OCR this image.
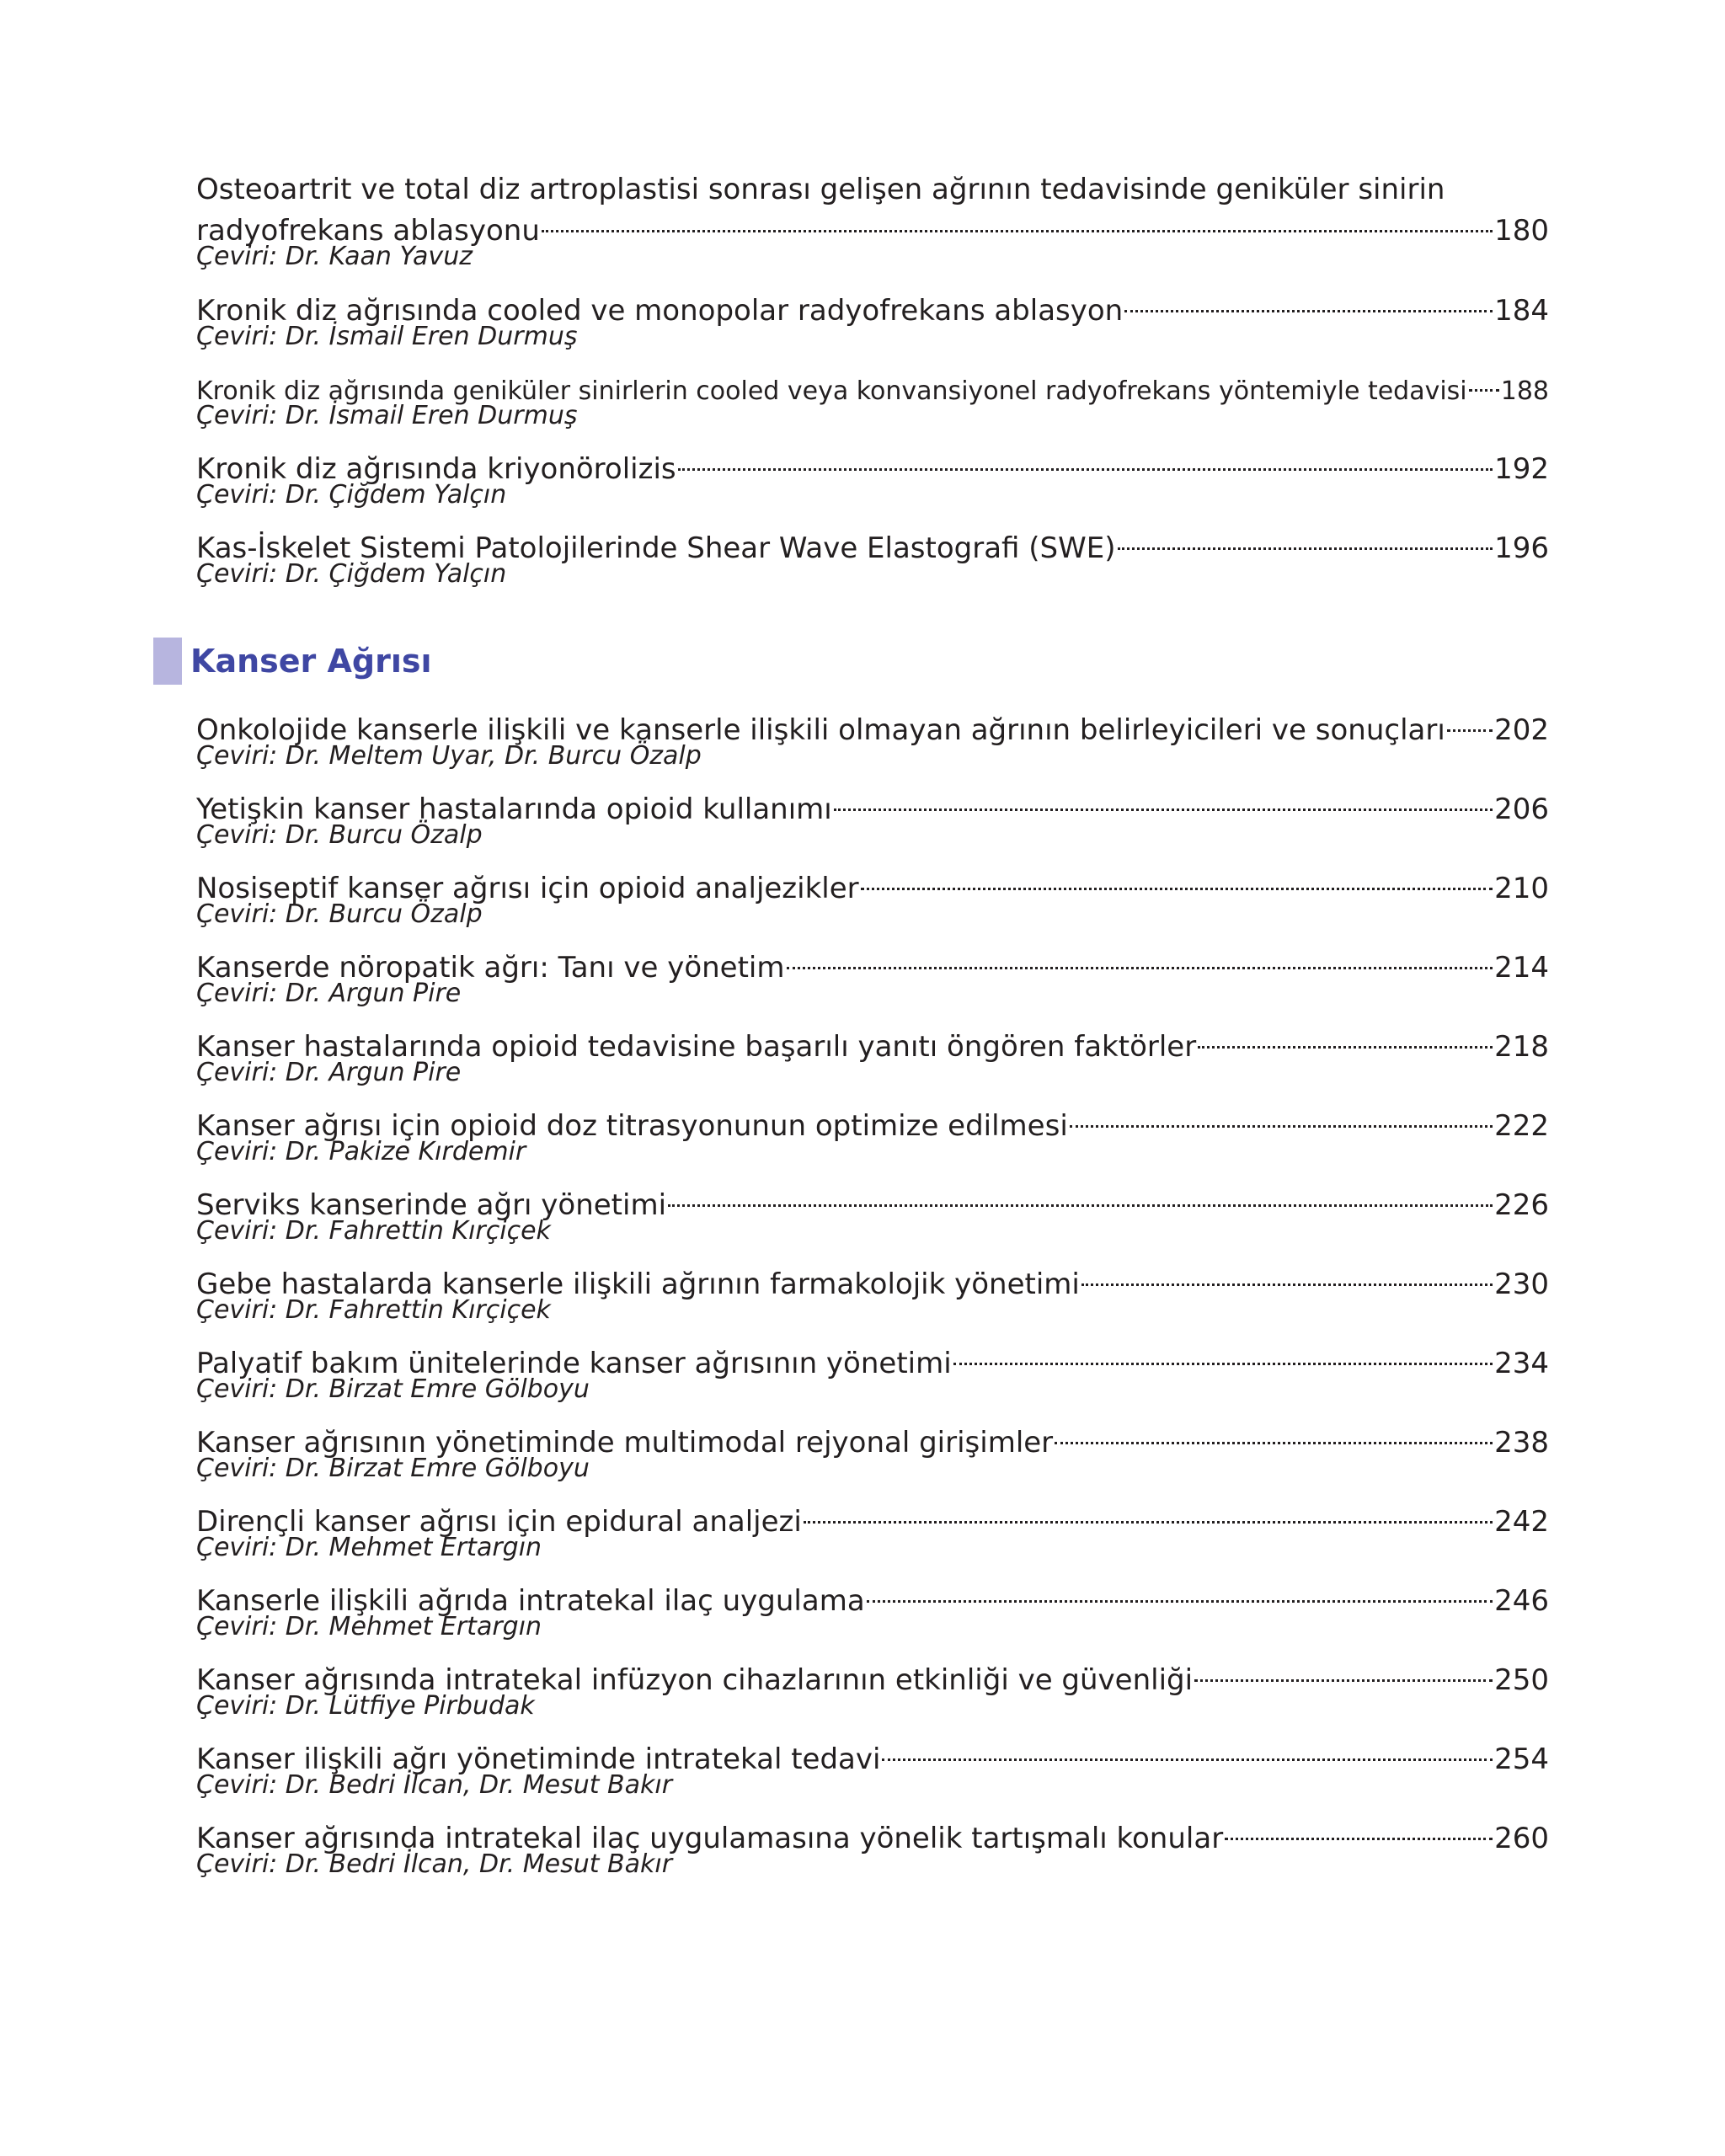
Osteoartrit ve total diz artroplastisi sonrası gelişen ağrının tedavisinde geniküler sinirin
radyofrekans ablasyonu	180
Çeviri: Dr. Kaan Yavuz
Kronik diz ağrısında cooled ve monopolar radyofrekans ablasyon	184
Çeviri: Dr. İsmail Eren Durmuş
Kronik diz ağrısında geniküler sinirlerin cooled veya konvansiyonel radyofrekans yöntemiyle tedavisi 188
Çeviri: Dr. İsmail Eren Durmuş
Kronik diz ağrısında kriyonörolizis	192
Çeviri: Dr. Çiğdem Yalçın
Kas-İskelet Sistemi Patolojilerinde Shear Wave Elastografi (SWE)	196
Çeviri: Dr. Çiğdem Yalçın
Kanser Ağrısı
Onkolojide kanserle ilişkili ve kanserle ilişkili olmayan ağrının belirleyicileri ve sonuçları 202
Çeviri: Dr. Meltem Uyar, Dr. Burcu Özalp
Yetişkin kanser hastalarında opioid kullanımı	206
Çeviri: Dr. Burcu Özalp
Nosiseptif kanser ağrısı için opioid analjezikler	210
Çeviri: Dr. Burcu Özalp
Kanserde nöropatik ağrı: Tanı ve yönetim	214
Çeviri: Dr. Argun Pire
Kanser hastalarında opioid tedavisine başarılı yanıtı öngören faktörler	218
Çeviri: Dr. Argun Pire
Kanser ağrısı için opioid doz titrasyonunun optimize edilmesi	222
Çeviri: Dr. Pakize Kırdemir
Serviks kanserinde ağrı yönetimi	226
Çeviri: Dr. Fahrettin Kırçiçek
Gebe hastalarda kanserle ilişkili ağrının farmakolojik yönetimi	230
Çeviri: Dr. Fahrettin Kırçiçek
Palyatif bakım ünitelerinde kanser ağrısının yönetimi	234
Çeviri: Dr. Birzat Emre Gölboyu
Kanser ağrısının yönetiminde multimodal rejyonal girişimler	238
Çeviri: Dr. Birzat Emre Gölboyu
Dirençli kanser ağrısı için epidural analjezi	242
Çeviri: Dr. Mehmet Ertargın
Kanserle ilişkili ağrıda intratekal ilaç uygulama	246
Çeviri: Dr. Mehmet Ertargın
Kanser ağrısında intratekal infüzyon cihazlarının etkinliği ve güvenliği	250
Çeviri: Dr. Lütfiye Pirbudak
Kanser ilişkili ağrı yönetiminde intratekal tedavi	254
Çeviri: Dr. Bedri İlcan, Dr. Mesut Bakır
Kanser ağrısında intratekal ilaç uygulamasına yönelik tartışmalı konular	260
Çeviri: Dr. Bedri İlcan, Dr. Mesut Bakır
